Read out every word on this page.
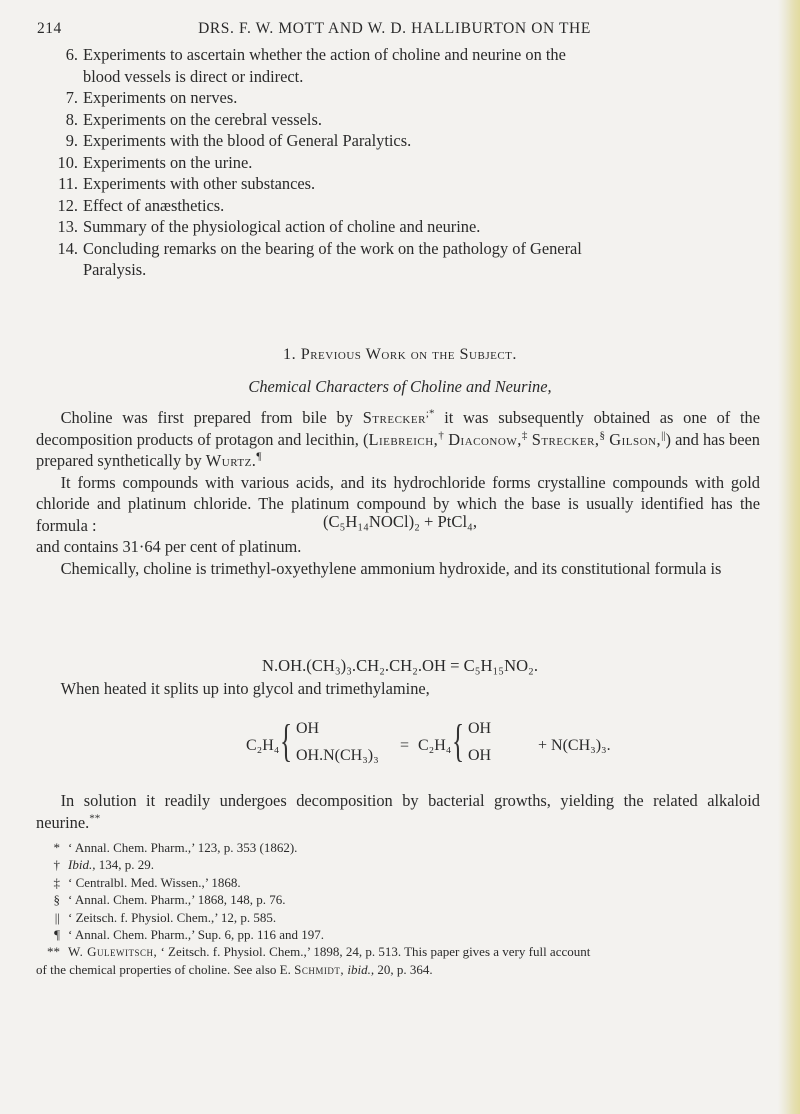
214	DRS. F. W. MOTT AND W. D. HALLIBURTON ON THE
6. Experiments to ascertain whether the action of choline and neurine on the
blood vessels is direct or indirect.
7. Experiments on nerves.
8. Experiments on the cerebral vessels.
9. Experiments with the blood of General Paralytics.
10. Experiments on the urine.
11. Experiments with other substances.
12. Effect of anæsthetics.
13. Summary of the physiological action of choline and neurine.
14. Concluding remarks on the bearing of the work on the pathology of General
Paralysis.
1. Previous Work on the Subject.
Chemical Characters of Choline and Neurine,

  Choline was first prepared from bile by Strecker;* it was subsequently obtained as one of the decomposition products of protagon and lecithin, (Liebreich,† Diaconow,‡ Strecker,§ Gilson,||) and has been prepared synthetically by Wurtz.¶
  It forms compounds with various acids, and its hydrochloride forms crystalline compounds with gold chloride and platinum chloride. The platinum compound by which the base is usually identified has the formula :	(C₅H₁₄NOCl)₂ + PtCl₄,

and contains 31·64 per cent of platinum.
  Chemically, choline is trimethyl-oxyethylene ammonium hydroxide, and its constitutional formula is

N.OH.(CH₃)₃.CH₂.CH₂.OH = C₅H₁₅NO₂.

  When heated it splits up into glycol and trimethylamine,

C₂H₄ { OH
OH.N(CH₃)₃
= C₂H₄ { OH
OH
+ N(CH₃)₃.

  In solution it readily undergoes decomposition by bacterial growths, yielding the related alkaloid neurine.**

* ‘ Annal. Chem. Pharm.,’ 123, p. 353 (1862).
† Ibid., 134, p. 29.
‡ ‘ Centralbl. Med. Wissen.,’ 1868.
§ ‘ Annal. Chem. Pharm.,’ 1868, 148, p. 76.
|| ‘ Zeitsch. f. Physiol. Chem.,’ 12, p. 585.
¶ ‘ Annal. Chem. Pharm.,’ Sup. 6, pp. 116 and 197.
** W. Gulewitsch, ‘ Zeitsch. f. Physiol. Chem.,’ 1898, 24, p. 513. This paper gives a very full account
of the chemical properties of choline. See also E. Schmidt, ibid., 20, p. 364.
